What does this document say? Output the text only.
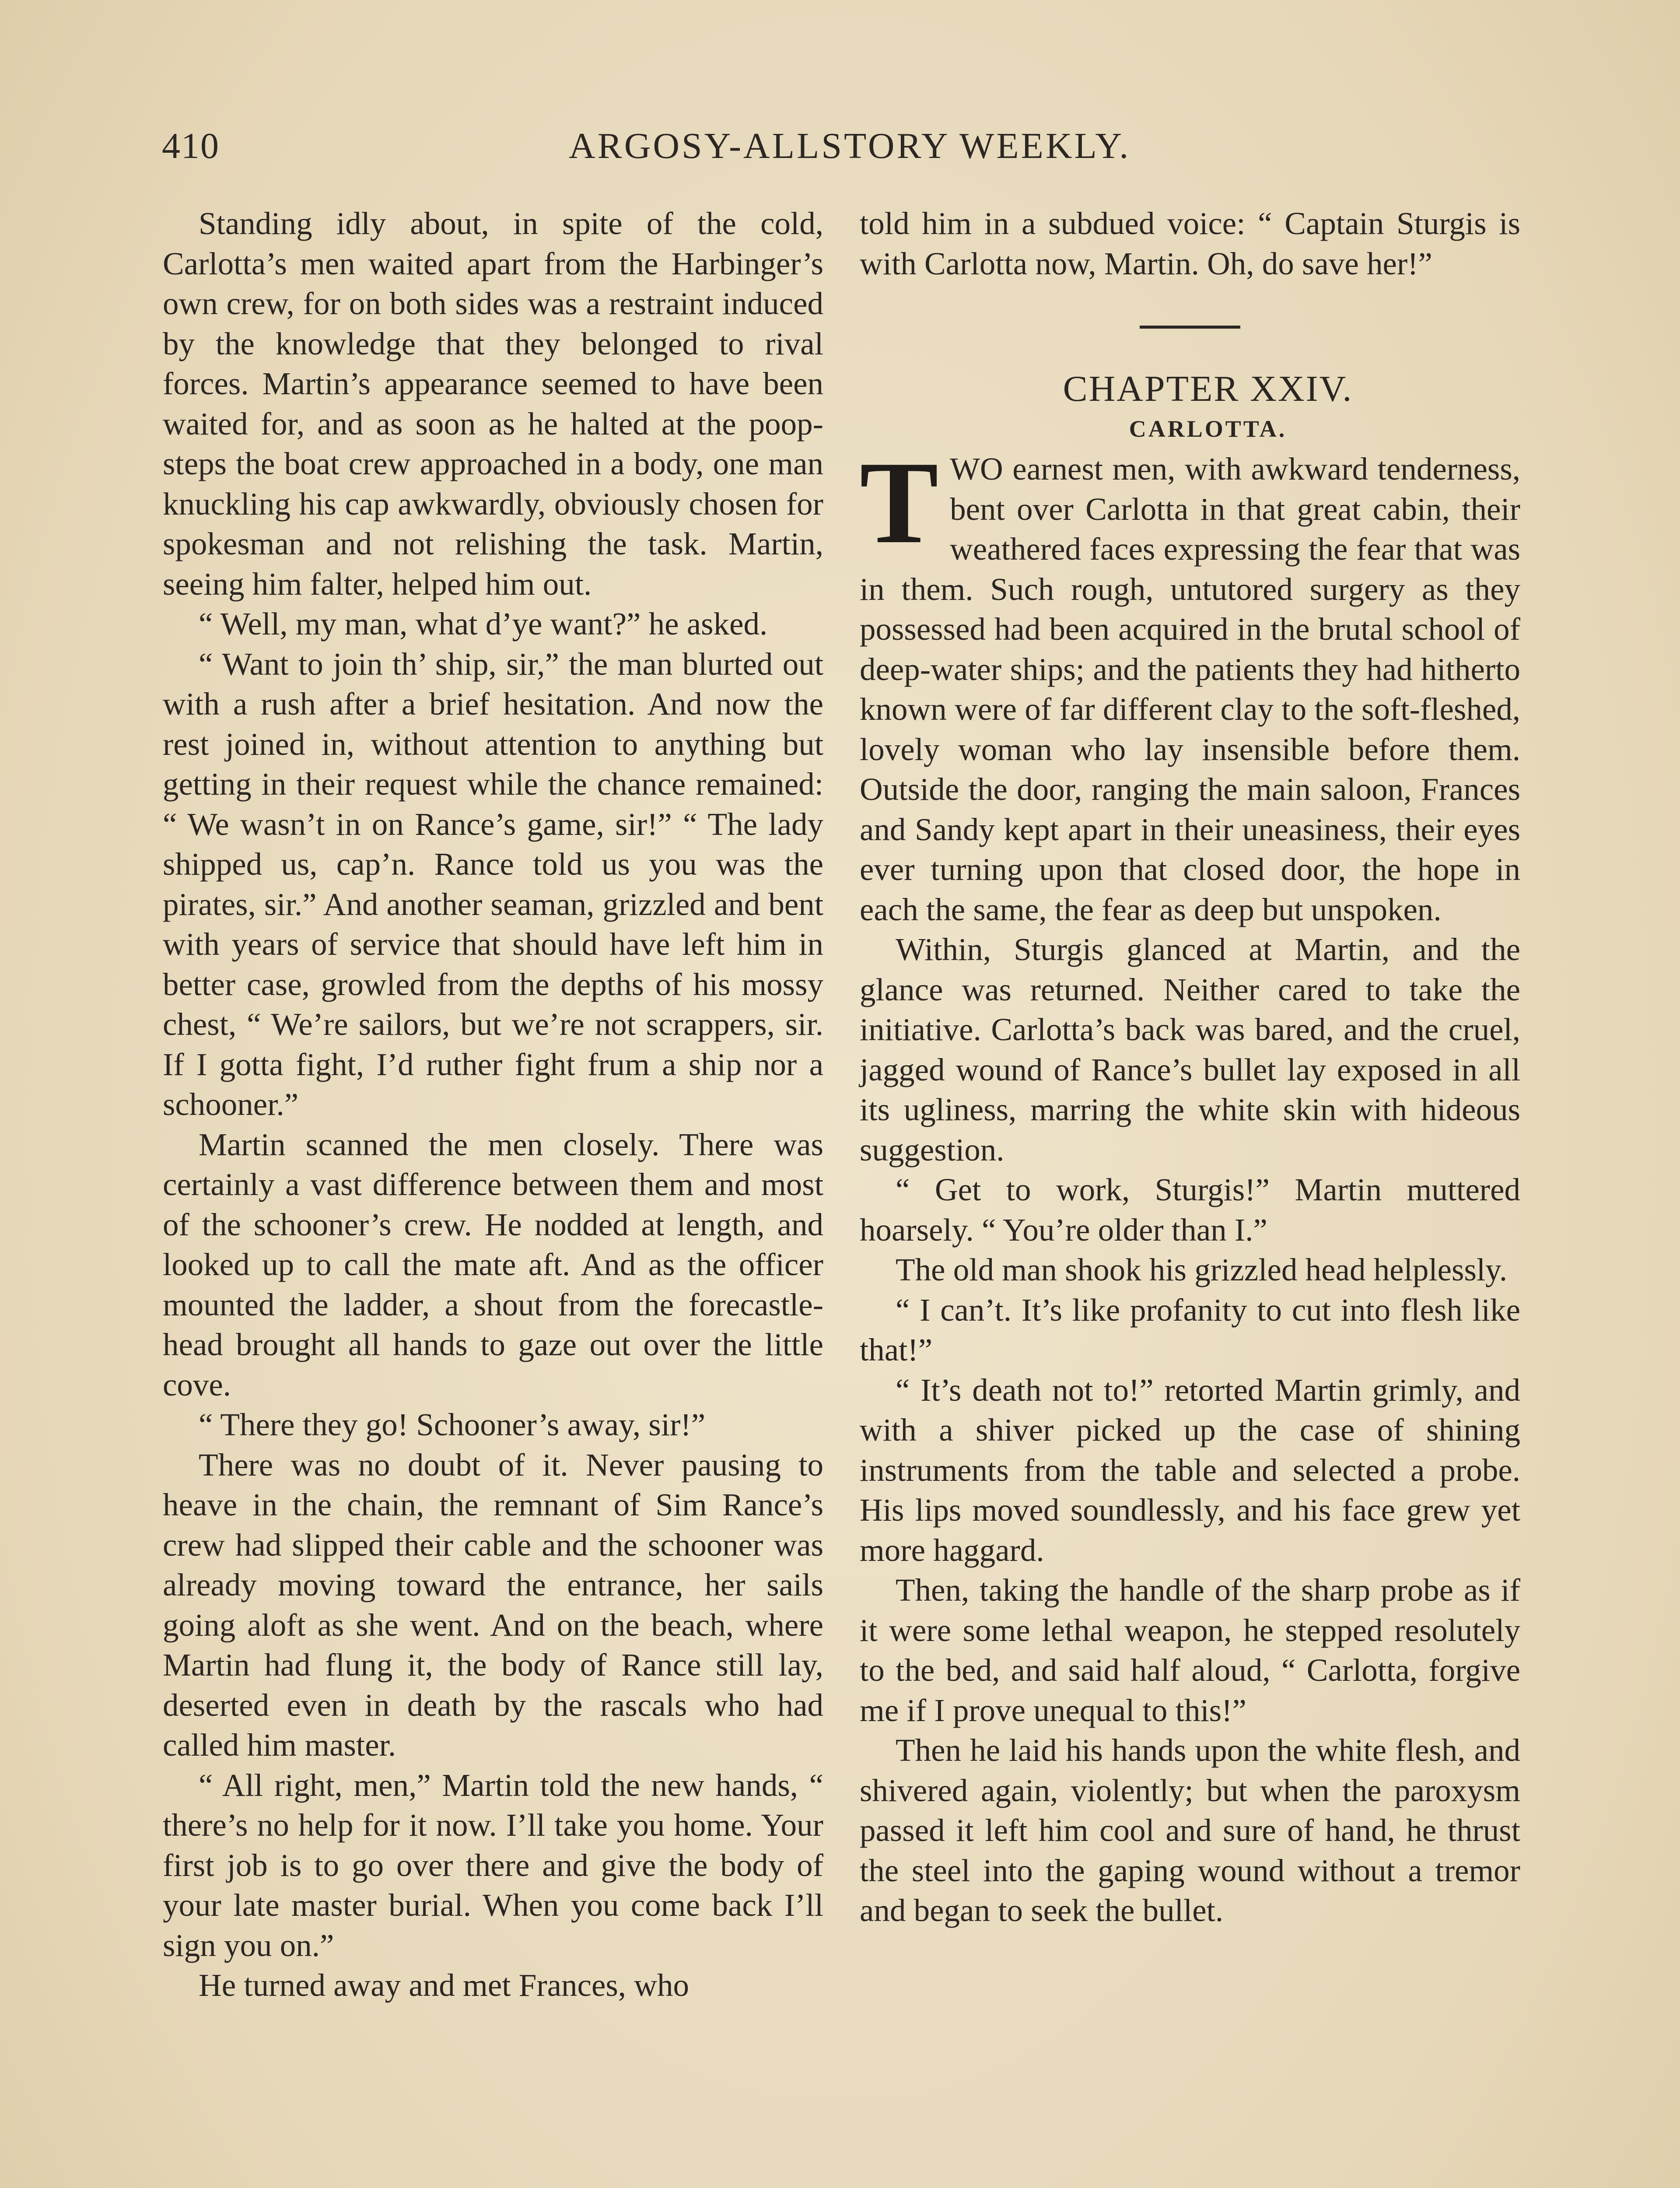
410	ARGOSY-ALLSTORY WEEKLY.

Standing idly about, in spite of the cold, Carlotta’s men waited apart from the Harbinger’s own crew, for on both sides was a restraint induced by the knowledge that they belonged to rival forces. Martin’s appearance seemed to have been waited for, and as soon as he halted at the poop-steps the boat crew approached in a body, one man knuckling his cap awkwardly, obviously chosen for spokesman and not relishing the task. Martin, seeing him falter, helped him out.

“ Well, my man, what d’ye want?” he asked.

“ Want to join th’ ship, sir,” the man blurted out with a rush after a brief hesitation. And now the rest joined in, without attention to anything but getting in their request while the chance remained: “ We wasn’t in on Rance’s game, sir!” “ The lady shipped us, cap’n. Rance told us you was the pirates, sir.” And another seaman, grizzled and bent with years of service that should have left him in better case, growled from the depths of his mossy chest, “ We’re sailors, but we’re not scrappers, sir. If I gotta fight, I’d ruther fight frum a ship nor a schooner.”

Martin scanned the men closely. There was certainly a vast difference between them and most of the schooner’s crew. He nodded at length, and looked up to call the mate aft. And as the officer mounted the ladder, a shout from the forecastle-head brought all hands to gaze out over the little cove.

“ There they go! Schooner’s away, sir!”

There was no doubt of it. Never pausing to heave in the chain, the remnant of Sim Rance’s crew had slipped their cable and the schooner was already moving toward the entrance, her sails going aloft as she went. And on the beach, where Martin had flung it, the body of Rance still lay, deserted even in death by the rascals who had called him master.

“ All right, men,” Martin told the new hands, “ there’s no help for it now. I’ll take you home. Your first job is to go over there and give the body of your late master burial. When you come back I’ll sign you on.”

He turned away and met Frances, who

told him in a subdued voice: “ Captain Sturgis is with Carlotta now, Martin. Oh, do save her!”

CHAPTER XXIV.

CARLOTTA.

TWO earnest men, with awkward tenderness, bent over Carlotta in that great cabin, their weathered faces expressing the fear that was in them. Such rough, untutored surgery as they possessed had been acquired in the brutal school of deep-water ships; and the patients they had hitherto known were of far different clay to the soft-fleshed, lovely woman who lay insensible before them. Outside the door, ranging the main saloon, Frances and Sandy kept apart in their uneasiness, their eyes ever turning upon that closed door, the hope in each the same, the fear as deep but unspoken.

Within, Sturgis glanced at Martin, and the glance was returned. Neither cared to take the initiative. Carlotta’s back was bared, and the cruel, jagged wound of Rance’s bullet lay exposed in all its ugliness, marring the white skin with hideous suggestion.

“ Get to work, Sturgis!” Martin muttered hoarsely. “ You’re older than I.”

The old man shook his grizzled head helplessly.

“ I can’t. It’s like profanity to cut into flesh like that!”

“ It’s death not to!” retorted Martin grimly, and with a shiver picked up the case of shining instruments from the table and selected a probe. His lips moved soundlessly, and his face grew yet more haggard.

Then, taking the handle of the sharp probe as if it were some lethal weapon, he stepped resolutely to the bed, and said half aloud, “ Carlotta, forgive me if I prove unequal to this!”

Then he laid his hands upon the white flesh, and shivered again, violently; but when the paroxysm passed it left him cool and sure of hand, he thrust the steel into the gaping wound without a tremor and began to seek the bullet.
